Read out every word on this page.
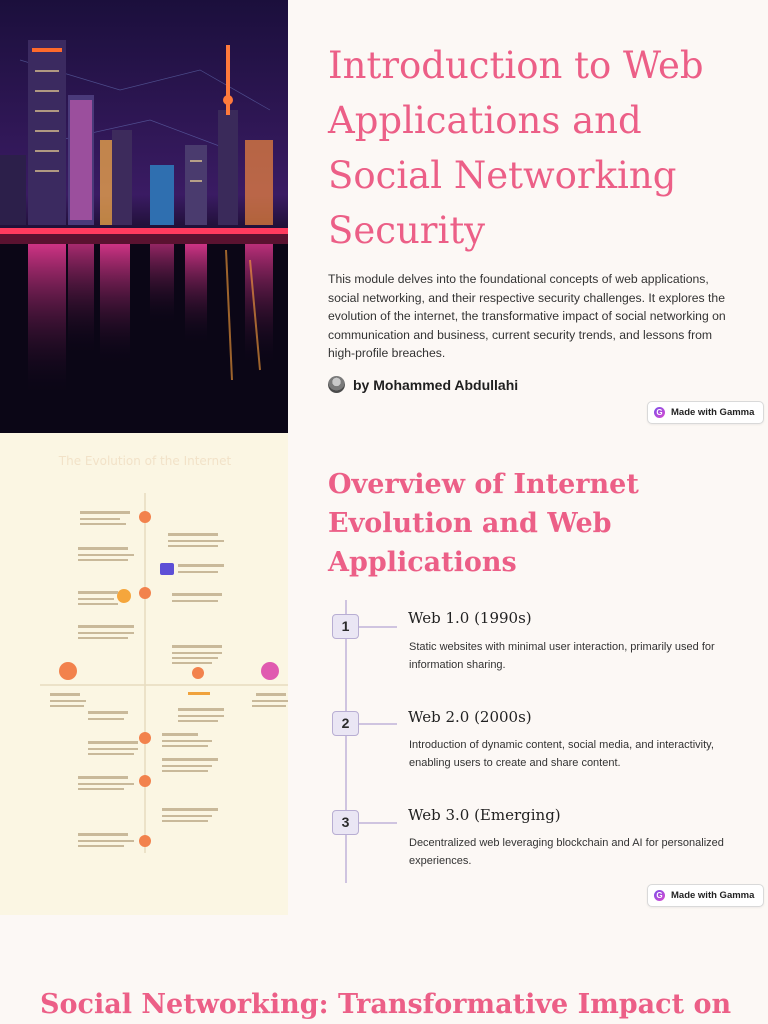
Introduction to Web Applications and Social Networking Security

This module delves into the foundational concepts of web applications, social networking, and their respective security challenges. It explores the evolution of the internet, the transformative impact of social networking on communication and business, current security trends, and lessons from high-profile breaches.

by Mohammed Abdullahi
G Made with Gamma
The Evolution of the Internet
Overview of Internet Evolution and Web Applications
1	Web 1.0 (1990s)
Static websites with minimal user interaction, primarily used for information sharing.
2	Web 2.0 (2000s)
Introduction of dynamic content, social media, and interactivity, enabling users to create and share content.
3	Web 3.0 (Emerging)
Decentralized web leveraging blockchain and AI for personalized experiences.
G Made with Gamma
Social Networking: Transformative Impact on
